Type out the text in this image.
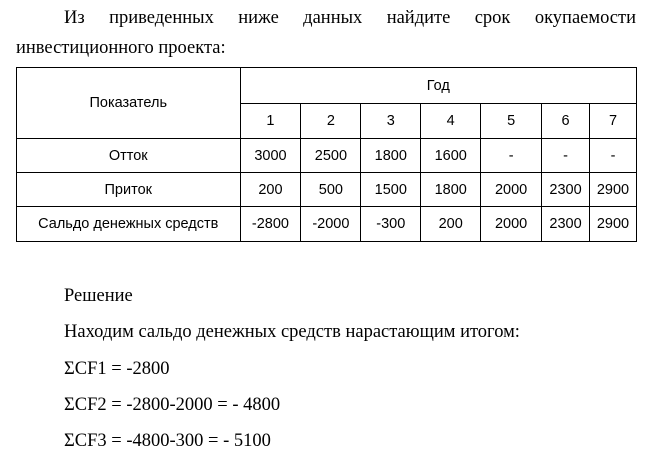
Из приведенных ниже данных найдите срок окупаемости
инвестиционного проекта:
Показатель	Год						
	1	2	3	4	5	6	7
Отток	3000	2500	1800	1600	-	-	-
Приток	200	500	1500	1800	2000	2300	2900
Сальдо денежных средств	-2800	-2000	-300	200	2000	2300	2900
Решение
Находим сальдо денежных средств нарастающим итогом:
ΣCF1 = -2800
ΣCF2 = -2800-2000 = - 4800
ΣCF3 = -4800-300 = - 5100
